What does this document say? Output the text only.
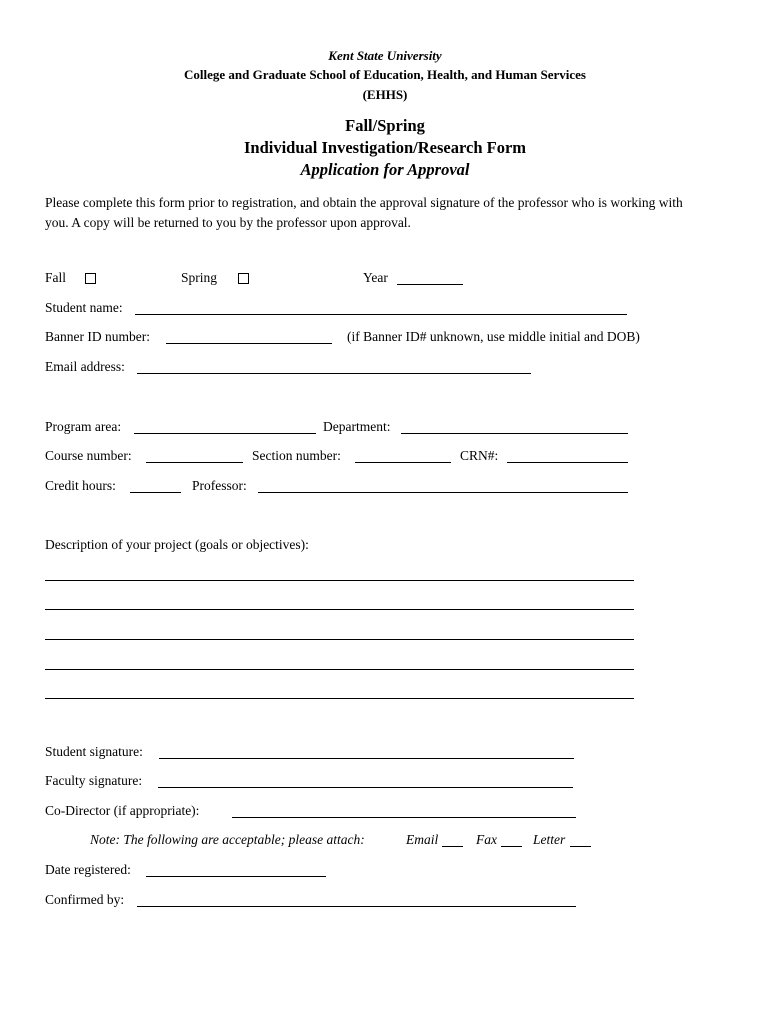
Kent State University
College and Graduate School of Education, Health, and Human Services
(EHHS)
Fall/Spring
Individual Investigation/Research Form
Application for Approval
Please complete this form prior to registration, and obtain the approval signature of the professor who is working with you. A copy will be returned to you by the professor upon approval.
Fall	Spring	Year
Student name:
Banner ID number:	(if Banner ID# unknown, use middle initial and DOB)
Email address:
Program area:	Department:
Course number:	Section number:	CRN#:
Credit hours:	Professor:
Description of your project (goals or objectives):
Student signature:
Faculty signature:
Co-Director (if appropriate):
Note: The following are acceptable; please attach:	Email	Fax	Letter
Date registered:
Confirmed by:
